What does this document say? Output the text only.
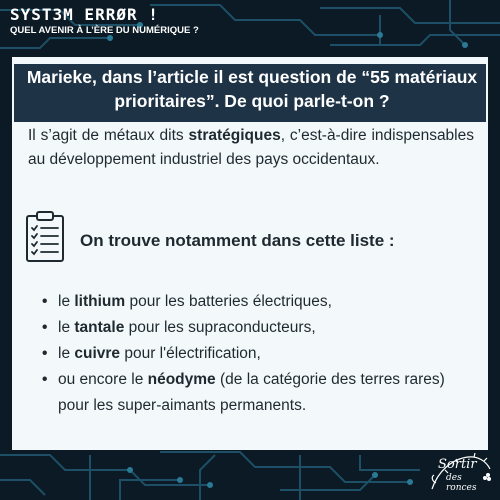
SYST3M ERRØR !
QUEL AVENIR À L’ÈRE DU NUMÉRIQUE ?

Marieke, dans l’article il est question de “55 matériaux prioritaires”. De quoi parle-t-on ?

Il s’agit de métaux dits stratégiques, c’est-à-dire indispensables au développement industriel des pays occidentaux.

On trouve notamment dans cette liste :

• le lithium pour les batteries électriques,
• le tantale pour les supraconducteurs,
• le cuivre pour l'électrification,
• ou encore le néodyme (de la catégorie des terres rares) pour les super-aimants permanents.
Sortir
des ronces
